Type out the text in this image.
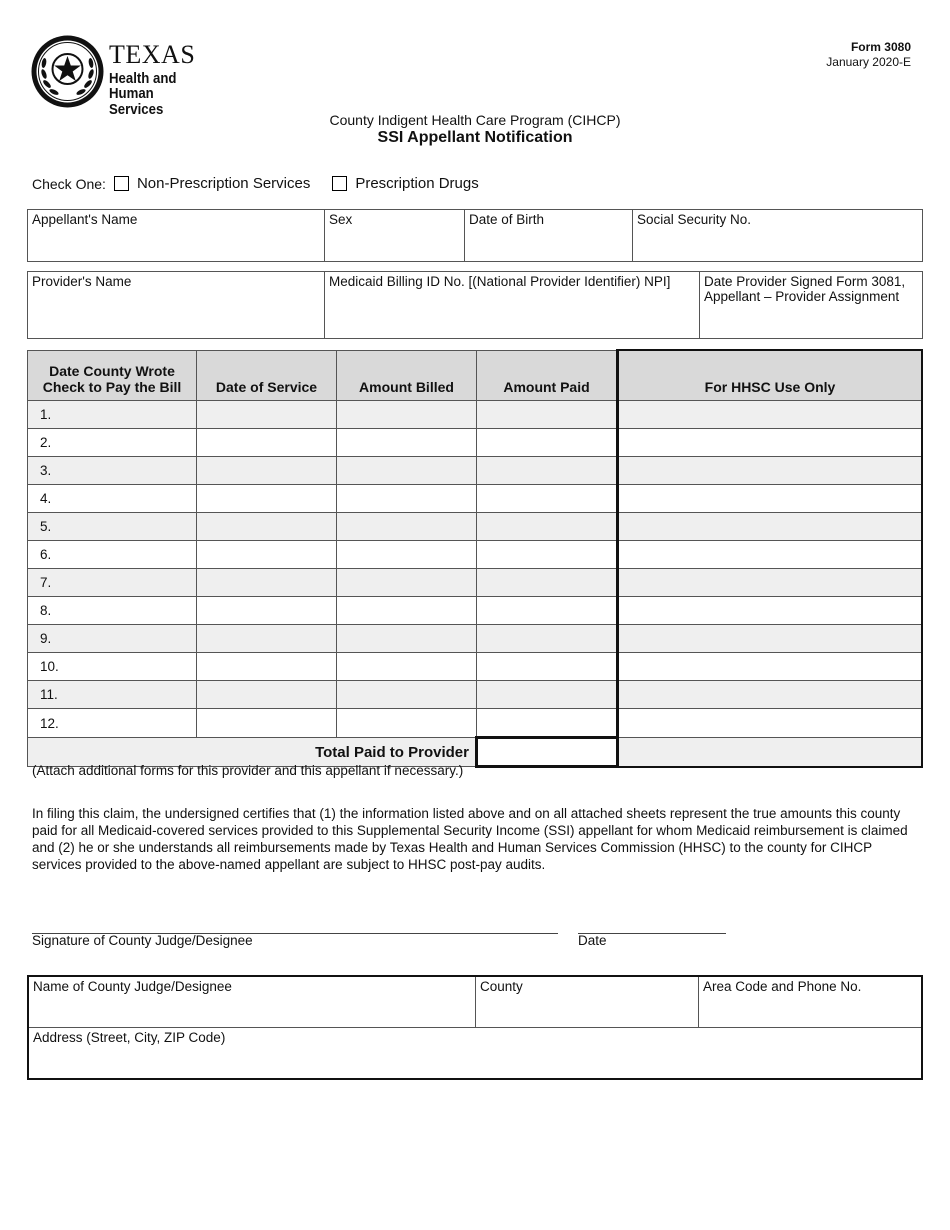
TEXAS
Health and Human
Services
Form 3080
January 2020-E
County Indigent Health Care Program (CIHCP)
SSI Appellant Notification
Check One: Non-Prescription Services	Prescription Drugs
Appellant's Name	Sex	Date of Birth	Social Security No.
Provider's Name	Medicaid Billing ID No. [(National Provider Identifier) NPI]	Date Provider Signed Form 3081, Appellant – Provider Assignment
Date County Wrote Check to Pay the Bill	Date of Service	Amount Billed	Amount Paid	For HHSC Use Only
1.				
2.				
3.				
4.				
5.				
6.				
7.				
8.				
9.				
10.				
11.				
12.				
Total Paid to Provider				
(Attach additional forms for this provider and this appellant if necessary.)
In filing this claim, the undersigned certifies that (1) the information listed above and on all attached sheets represent the true amounts this county paid for all Medicaid-covered services provided to this Supplemental Security Income (SSI) appellant for whom Medicaid reimbursement is claimed and (2) he or she understands all reimbursements made by Texas Health and Human Services Commission (HHSC) to the county for CIHCP services provided to the above-named appellant are subject to HHSC post-pay audits.
Signature of County Judge/Designee	Date
Name of County Judge/Designee	County	Area Code and Phone No.
Address (Street, City, ZIP Code)
